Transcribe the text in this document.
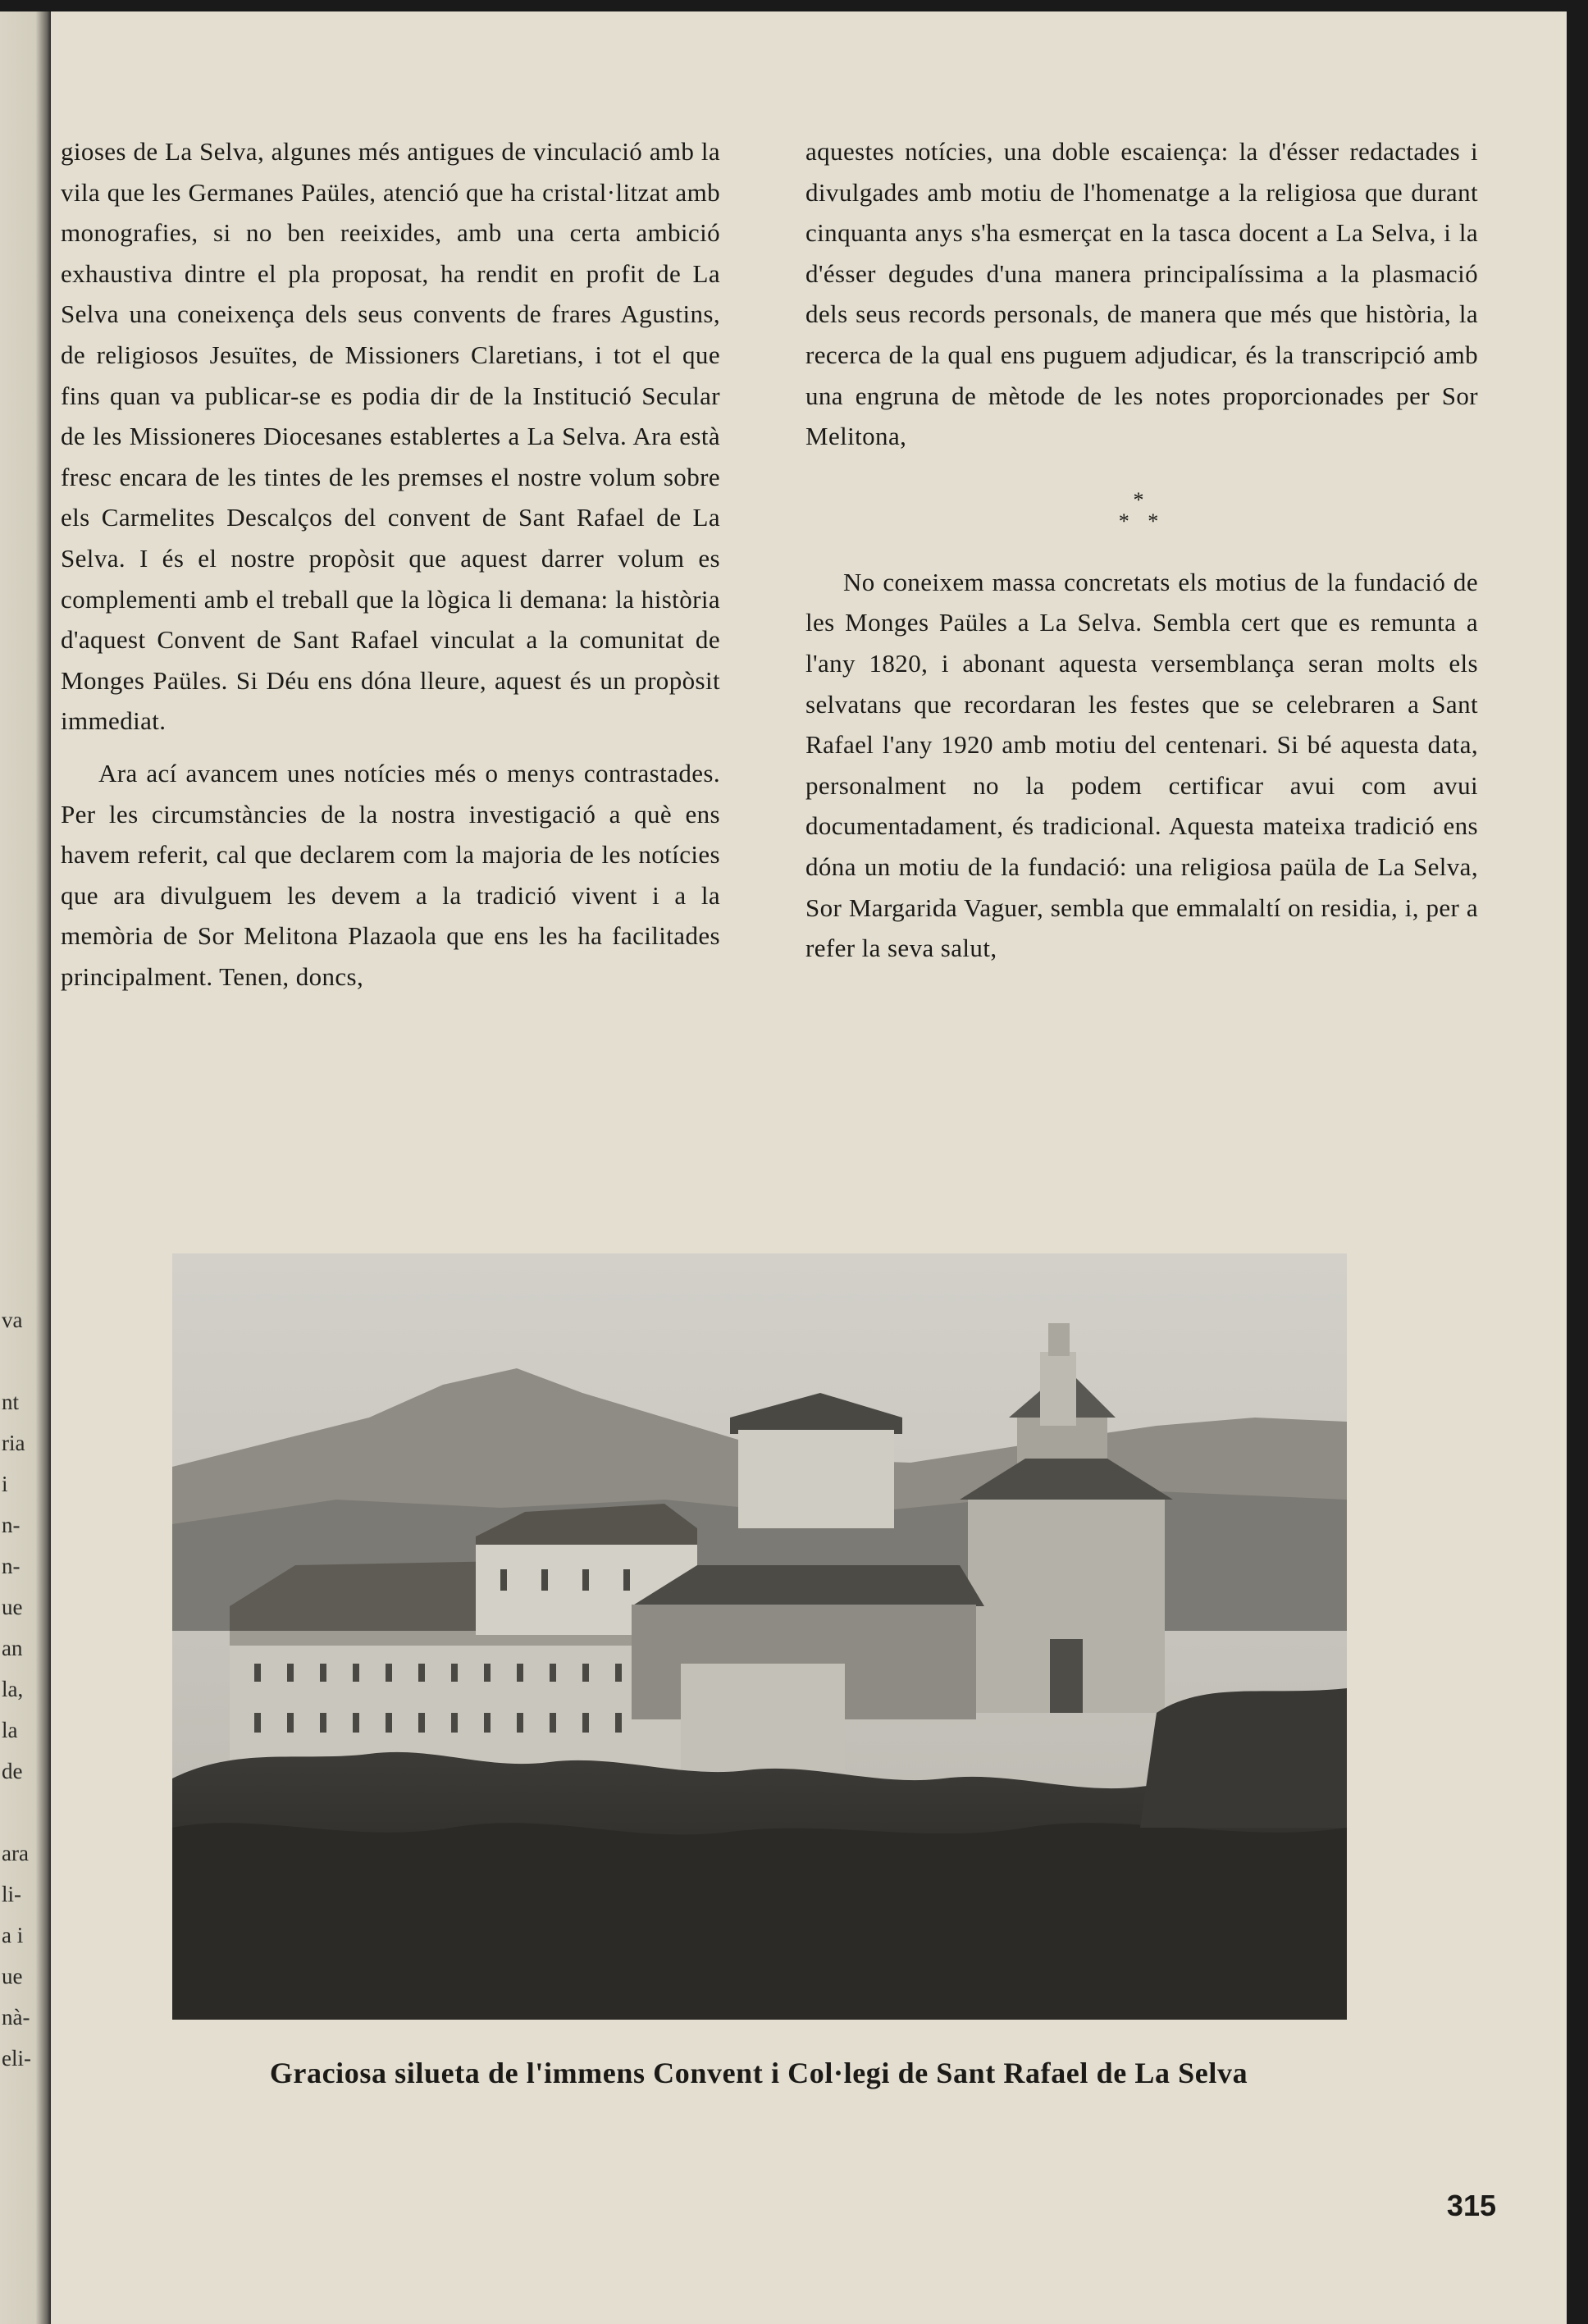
va
nt
ria
i
n-
n-
ue
an
la,
la
de
ara
li-
a i
ue
nà-
eli-

gioses de La Selva, algunes més antigues de vinculació amb la vila que les Germanes Paüles, atenció que ha cristal·litzat amb monografies, si no ben reeixides, amb una certa ambició exhaustiva dintre el pla proposat, ha rendit en profit de La Selva una coneixença dels seus convents de frares Agustins, de religiosos Jesuïtes, de Missioners Claretians, i tot el que fins quan va publicar-se es podia dir de la Institució Secular de les Missioneres Diocesanes establertes a La Selva. Ara està fresc encara de les tintes de les premses el nostre volum sobre els Carmelites Descalços del convent de Sant Rafael de La Selva. I és el nostre propòsit que aquest darrer volum es complementi amb el treball que la lògica li demana: la història d'aquest Convent de Sant Rafael vinculat a la comunitat de Monges Paüles. Si Déu ens dóna lleure, aquest és un propòsit immediat.

Ara ací avancem unes notícies més o menys contrastades. Per les circumstàncies de la nostra investigació a què ens havem referit, cal que declarem com la majoria de les notícies que ara divulguem les devem a la tradició vivent i a la memòria de Sor Melitona Plazaola que ens les ha facilitades principalment. Tenen, doncs,

aquestes notícies, una doble escaiença: la d'ésser redactades i divulgades amb motiu de l'homenatge a la religiosa que durant cinquanta anys s'ha esmerçat en la tasca docent a La Selva, i la d'ésser degudes d'una manera principalíssima a la plasmació dels seus records personals, de manera que més que història, la recerca de la qual ens puguem adjudicar, és la transcripció amb una engruna de mètode de les notes proporcionades per Sor Melitona,

*
* *

No coneixem massa concretats els motius de la fundació de les Monges Paüles a La Selva. Sembla cert que es remunta a l'any 1820, i abonant aquesta versemblança seran molts els selvatans que recordaran les festes que se celebraren a Sant Rafael l'any 1920 amb motiu del centenari. Si bé aquesta data, personalment no la podem certificar avui com avui documentadament, és tradicional. Aquesta mateixa tradició ens dóna un motiu de la fundació: una religiosa paüla de La Selva, Sor Margarida Vaguer, sembla que emmalaltí on residia, i, per a refer la seva salut,

Graciosa silueta de l'immens Convent i Col·legi de Sant Rafael de La Selva
315
